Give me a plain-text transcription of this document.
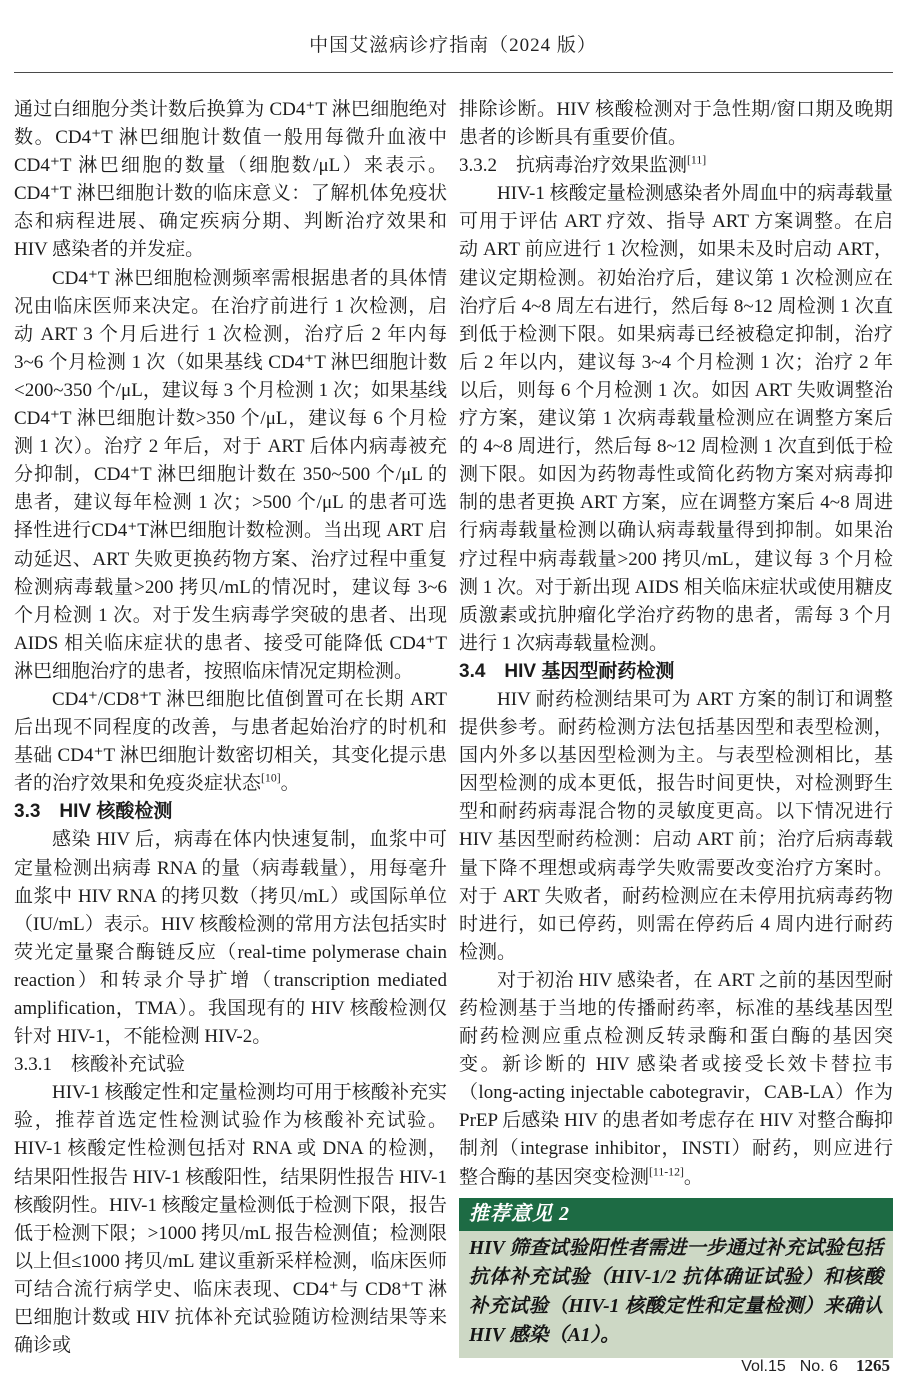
中国艾滋病诊疗指南（2024 版）

通过白细胞分类计数后换算为 CD4⁺T 淋巴细胞绝对数。CD4⁺T 淋巴细胞计数值一般用每微升血液中 CD4⁺T 淋巴细胞的数量（细胞数/μL）来表示。CD4⁺T 淋巴细胞计数的临床意义：了解机体免疫状态和病程进展、确定疾病分期、判断治疗效果和 HIV 感染者的并发症。

CD4⁺T 淋巴细胞检测频率需根据患者的具体情况由临床医师来决定。在治疗前进行 1 次检测，启动 ART 3 个月后进行 1 次检测，治疗后 2 年内每 3~6 个月检测 1 次（如果基线 CD4⁺T 淋巴细胞计数<200~350 个/μL，建议每 3 个月检测 1 次；如果基线 CD4⁺T 淋巴细胞计数>350 个/μL，建议每 6 个月检测 1 次）。治疗 2 年后，对于 ART 后体内病毒被充分抑制，CD4⁺T 淋巴细胞计数在 350~500 个/μL 的患者，建议每年检测 1 次；>500 个/μL 的患者可选择性进行CD4⁺T淋巴细胞计数检测。当出现 ART 启动延迟、ART 失败更换药物方案、治疗过程中重复检测病毒载量>200 拷贝/mL的情况时，建议每 3~6 个月检测 1 次。对于发生病毒学突破的患者、出现 AIDS 相关临床症状的患者、接受可能降低 CD4⁺T 淋巴细胞治疗的患者，按照临床情况定期检测。

CD4⁺/CD8⁺T 淋巴细胞比值倒置可在长期 ART 后出现不同程度的改善，与患者起始治疗的时机和基础 CD4⁺T 淋巴细胞计数密切相关，其变化提示患者的治疗效果和免疫炎症状态[10]。

3.3　HIV 核酸检测

感染 HIV 后，病毒在体内快速复制，血浆中可定量检测出病毒 RNA 的量（病毒载量），用每毫升血浆中 HIV RNA 的拷贝数（拷贝/mL）或国际单位（IU/mL）表示。HIV 核酸检测的常用方法包括实时荧光定量聚合酶链反应（real-time polymerase chain reaction）和转录介导扩增（transcription mediated amplification，TMA）。我国现有的 HIV 核酸检测仅针对 HIV-1，不能检测 HIV-2。

3.3.1　核酸补充试验

HIV-1 核酸定性和定量检测均可用于核酸补充实验，推荐首选定性检测试验作为核酸补充试验。HIV-1 核酸定性检测包括对 RNA 或 DNA 的检测，结果阳性报告 HIV-1 核酸阳性，结果阴性报告 HIV-1 核酸阴性。HIV-1 核酸定量检测低于检测下限，报告低于检测下限；>1000 拷贝/mL 报告检测值；检测限以上但≤1000 拷贝/mL 建议重新采样检测，临床医师可结合流行病学史、临床表现、CD4⁺与 CD8⁺T 淋巴细胞计数或 HIV 抗体补充试验随访检测结果等来确诊或

排除诊断。HIV 核酸检测对于急性期/窗口期及晚期患者的诊断具有重要价值。

3.3.2　抗病毒治疗效果监测[11]

HIV-1 核酸定量检测感染者外周血中的病毒载量可用于评估 ART 疗效、指导 ART 方案调整。在启动 ART 前应进行 1 次检测，如果未及时启动 ART，建议定期检测。初始治疗后，建议第 1 次检测应在治疗后 4~8 周左右进行，然后每 8~12 周检测 1 次直到低于检测下限。如果病毒已经被稳定抑制，治疗后 2 年以内，建议每 3~4 个月检测 1 次；治疗 2 年以后，则每 6 个月检测 1 次。如因 ART 失败调整治疗方案，建议第 1 次病毒载量检测应在调整方案后的 4~8 周进行，然后每 8~12 周检测 1 次直到低于检测下限。如因为药物毒性或简化药物方案对病毒抑制的患者更换 ART 方案，应在调整方案后 4~8 周进行病毒载量检测以确认病毒载量得到抑制。如果治疗过程中病毒载量>200 拷贝/mL，建议每 3 个月检测 1 次。对于新出现 AIDS 相关临床症状或使用糖皮质激素或抗肿瘤化学治疗药物的患者，需每 3 个月进行 1 次病毒载量检测。

3.4　HIV 基因型耐药检测

HIV 耐药检测结果可为 ART 方案的制订和调整提供参考。耐药检测方法包括基因型和表型检测，国内外多以基因型检测为主。与表型检测相比，基因型检测的成本更低，报告时间更快，对检测野生型和耐药病毒混合物的灵敏度更高。以下情况进行 HIV 基因型耐药检测：启动 ART 前；治疗后病毒载量下降不理想或病毒学失败需要改变治疗方案时。对于 ART 失败者，耐药检测应在未停用抗病毒药物时进行，如已停药，则需在停药后 4 周内进行耐药检测。

对于初治 HIV 感染者，在 ART 之前的基因型耐药检测基于当地的传播耐药率，标准的基线基因型耐药检测应重点检测反转录酶和蛋白酶的基因突变。新诊断的 HIV 感染者或接受长效卡替拉韦（long-acting injectable cabotegravir，CAB-LA）作为 PrEP 后感染 HIV 的患者如考虑存在 HIV 对整合酶抑制剂（integrase inhibitor，INSTI）耐药，则应进行整合酶的基因突变检测[11-12]。

推荐意见 2
HIV 筛查试验阳性者需进一步通过补充试验包括抗体补充试验（HIV-1/2 抗体确证试验）和核酸补充试验（HIV-1 核酸定性和定量检测）来确认 HIV 感染（A1）。
Vol.15 No. 6 1265
